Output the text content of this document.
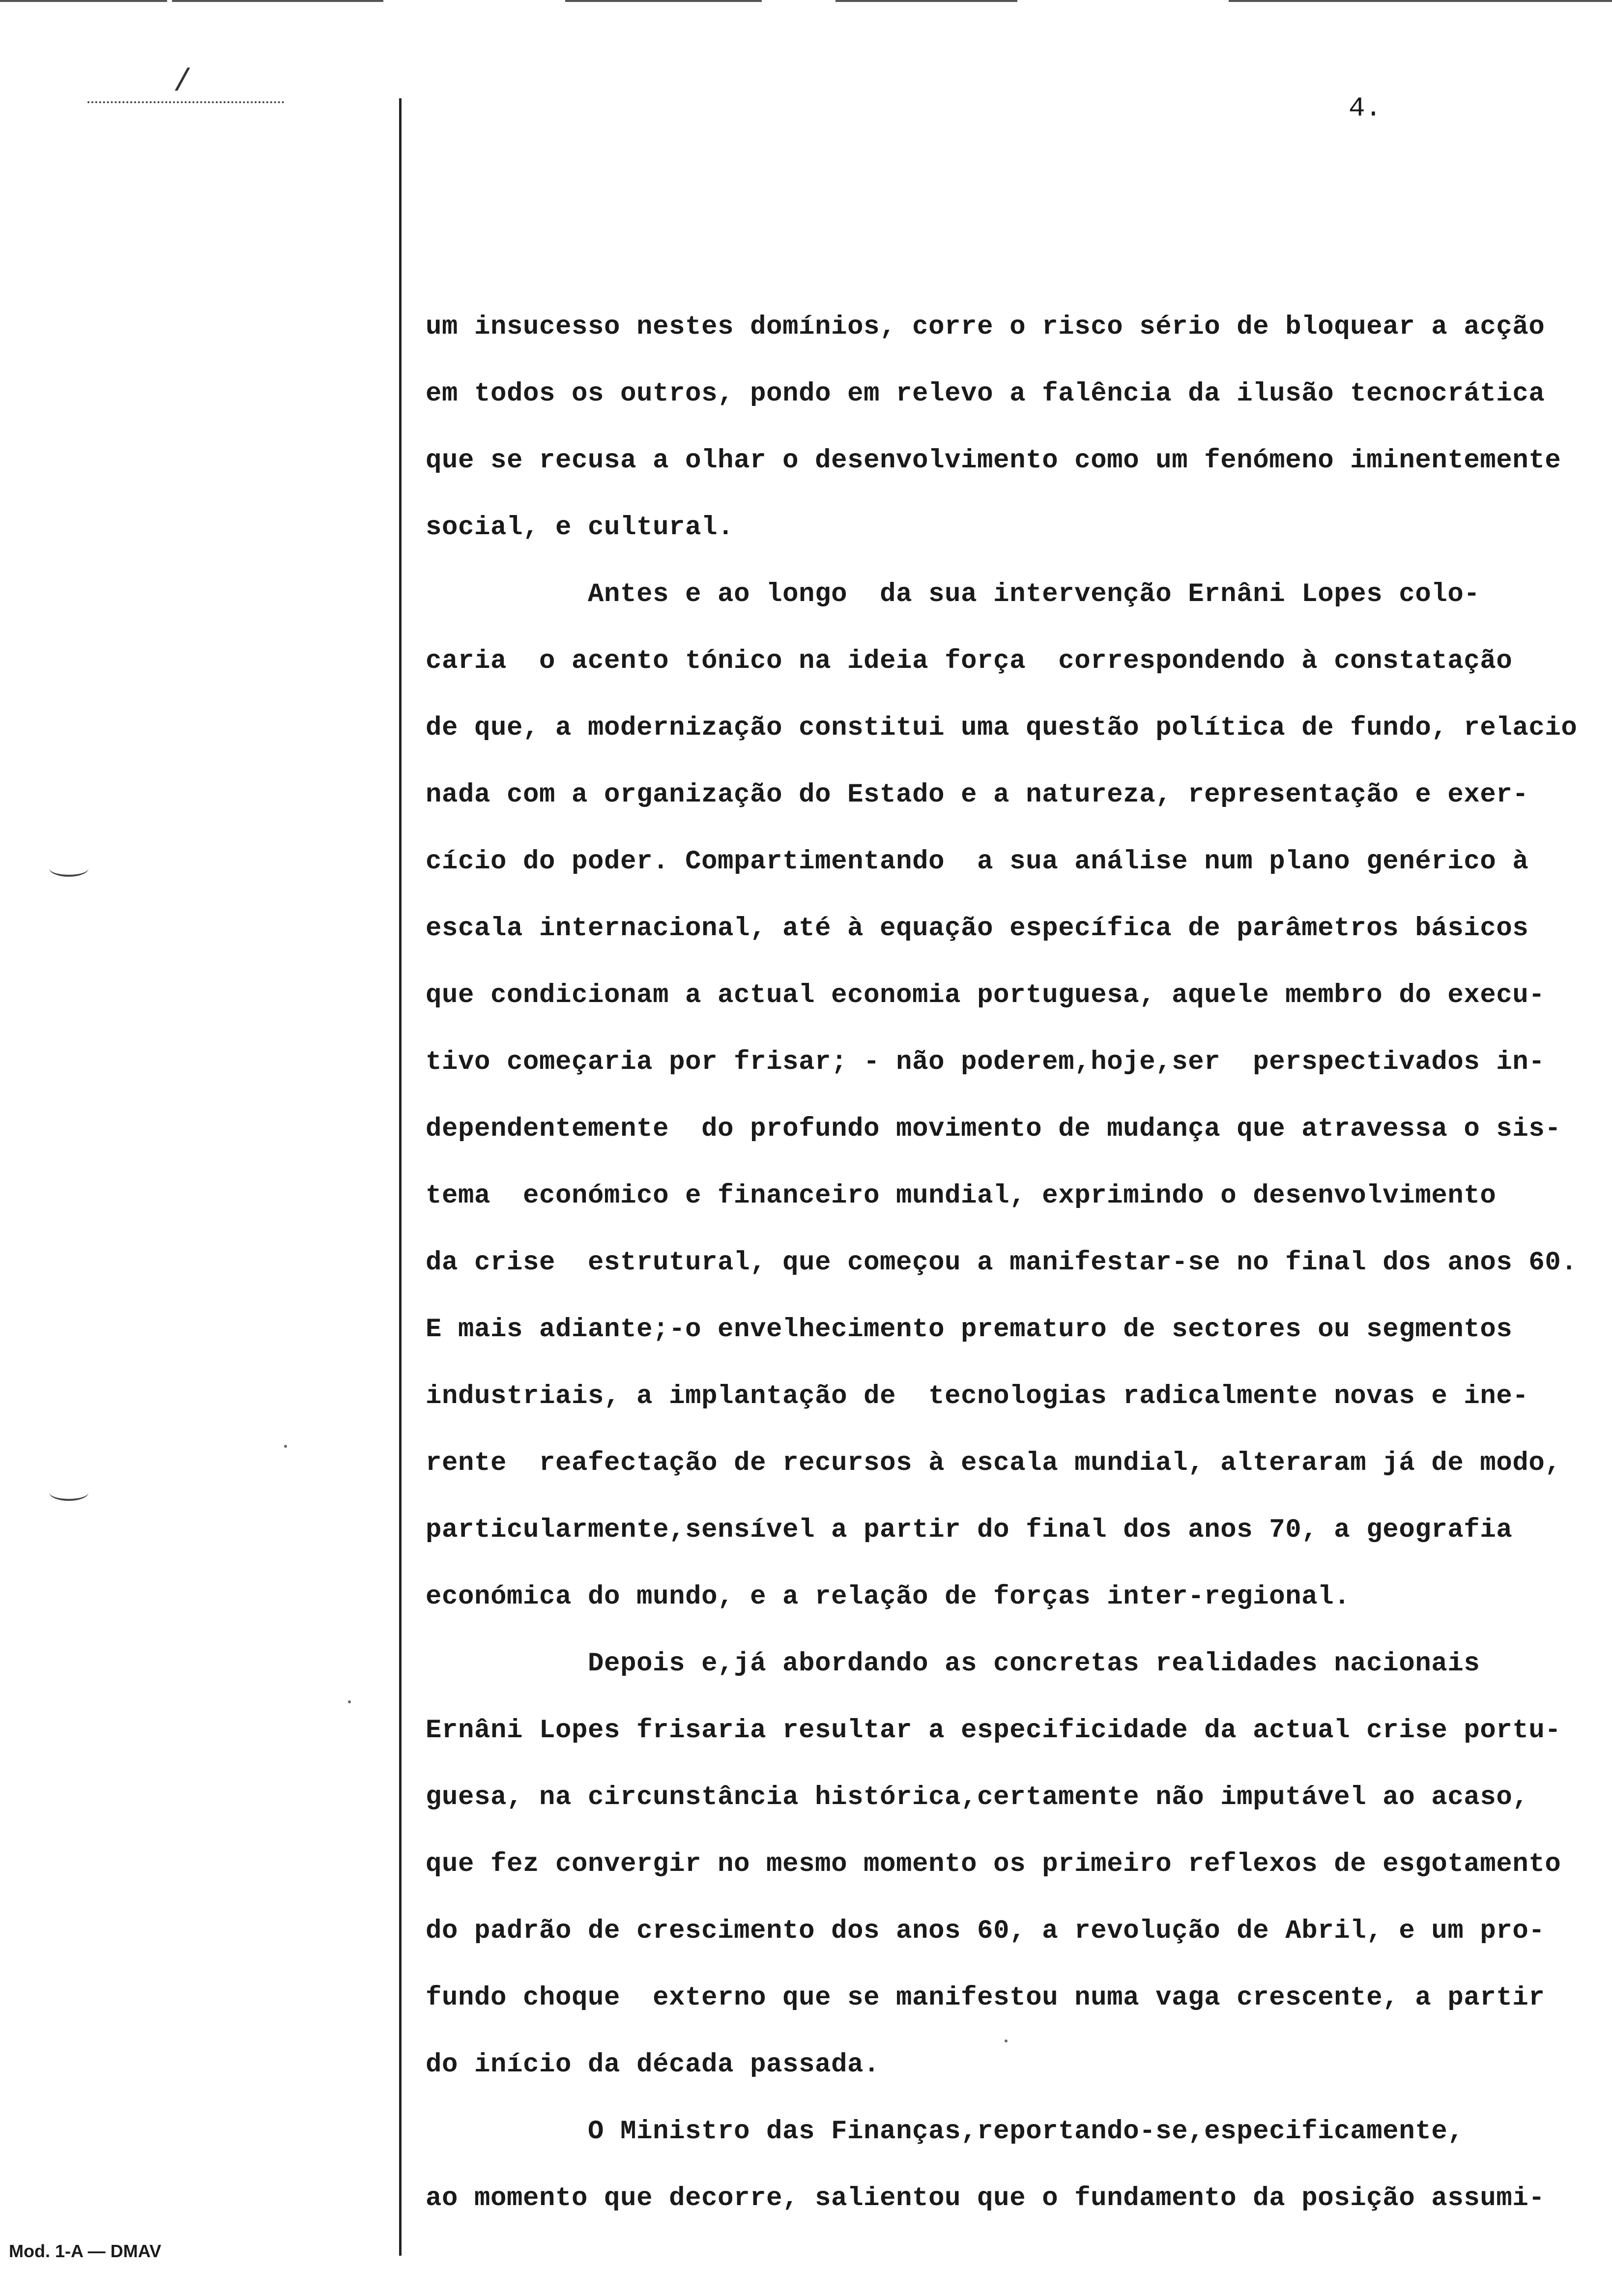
/
4.
um insucesso nestes domínios, corre o risco sério de bloquear a acção
em todos os outros, pondo em relevo a falência da ilusão tecnocrática
que se recusa a olhar o desenvolvimento como um fenómeno iminentemente
social, e cultural.
Antes e ao longo  da sua intervenção Ernâni Lopes colo-
caria  o acento tónico na ideia força  correspondendo à constatação
de que, a modernização constitui uma questão política de fundo, relacio
nada com a organização do Estado e a natureza, representação e exer-
cício do poder. Compartimentando  a sua análise num plano genérico à
escala internacional, até à equação específica de parâmetros básicos
que condicionam a actual economia portuguesa, aquele membro do execu-
tivo começaria por frisar; - não poderem,hoje,ser  perspectivados in-
dependentemente  do profundo movimento de mudança que atravessa o sis-
tema  económico e financeiro mundial, exprimindo o desenvolvimento
da crise  estrutural, que começou a manifestar-se no final dos anos 60.
E mais adiante;-o envelhecimento prematuro de sectores ou segmentos
industriais, a implantação de  tecnologias radicalmente novas e ine-
rente  reafectação de recursos à escala mundial, alteraram já de modo,
particularmente,sensível a partir do final dos anos 70, a geografia
económica do mundo, e a relação de forças inter-regional.
Depois e,já abordando as concretas realidades nacionais
Ernâni Lopes frisaria resultar a especificidade da actual crise portu-
guesa, na circunstância histórica,certamente não imputável ao acaso,
que fez convergir no mesmo momento os primeiro reflexos de esgotamento
do padrão de crescimento dos anos 60, a revolução de Abril, e um pro-
fundo choque  externo que se manifestou numa vaga crescente, a partir
do início da década passada.
O Ministro das Finanças,reportando-se,especificamente,
ao momento que decorre, salientou que o fundamento da posição assumi-
Mod. 1-A — DMAV
